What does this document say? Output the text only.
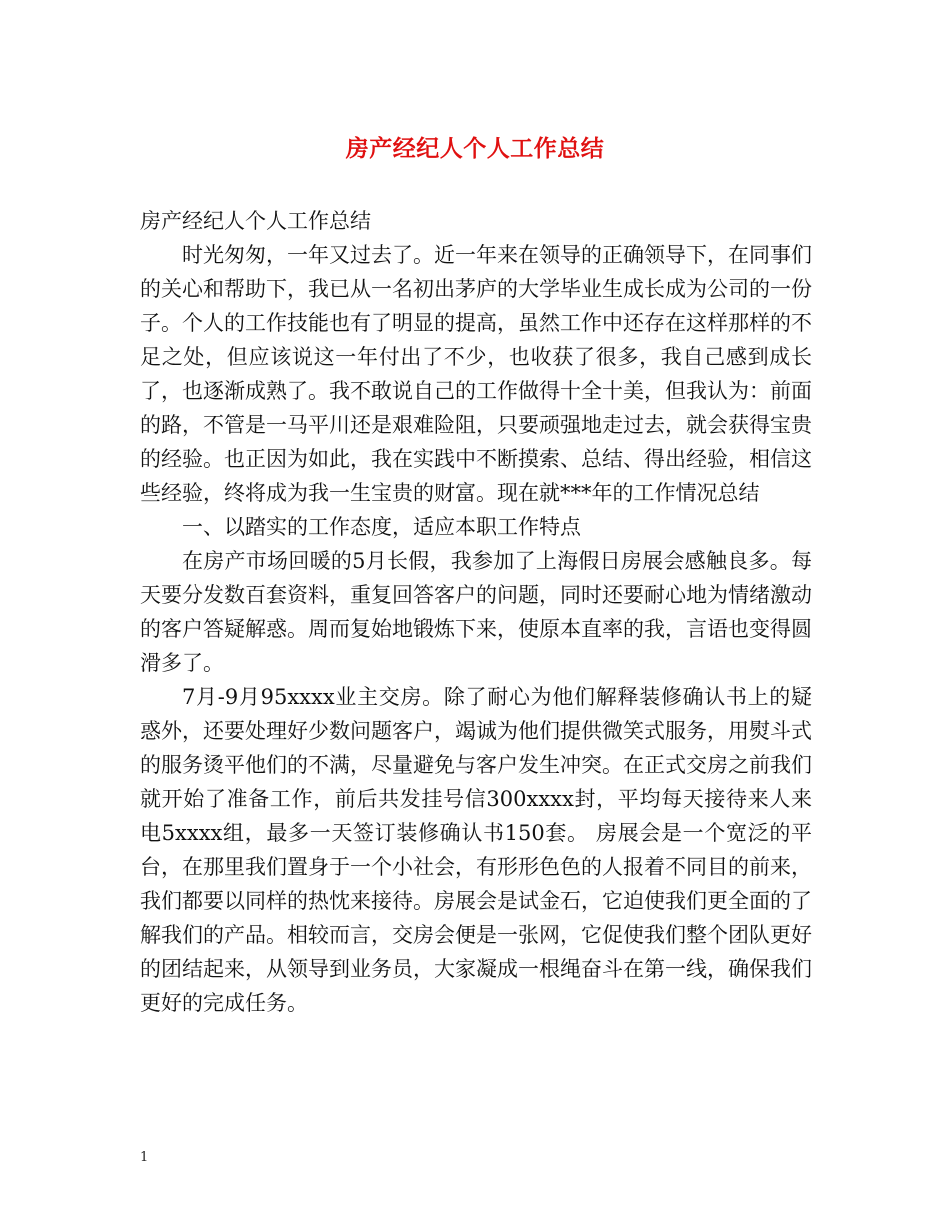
房产经纪人个人工作总结

房产经纪人个人工作总结

时光匆匆，一年又过去了。近一年来在领导的正确领导下，在同事们的关心和帮助下，我已从一名初出茅庐的大学毕业生成长成为公司的一份子。个人的工作技能也有了明显的提高，虽然工作中还存在这样那样的不足之处，但应该说这一年付出了不少，也收获了很多，我自己感到成长了，也逐渐成熟了。我不敢说自己的工作做得十全十美，但我认为：前面的路，不管是一马平川还是艰难险阻，只要顽强地走过去，就会获得宝贵的经验。也正因为如此，我在实践中不断摸索、总结、得出经验，相信这些经验，终将成为我一生宝贵的财富。现在就***年的工作情况总结

一、以踏实的工作态度，适应本职工作特点

在房产市场回暖的5月长假，我参加了上海假日房展会感触良多。每天要分发数百套资料，重复回答客户的问题，同时还要耐心地为情绪激动的客户答疑解惑。周而复始地锻炼下来，使原本直率的我，言语也变得圆滑多了。

7月-9月95xxxx业主交房。除了耐心为他们解释装修确认书上的疑惑外，还要处理好少数问题客户，竭诚为他们提供微笑式服务，用熨斗式的服务烫平他们的不满，尽量避免与客户发生冲突。在正式交房之前我们就开始了准备工作，前后共发挂号信300xxxx封，平均每天接待来人来电5xxxx组，最多一天签订装修确认书150套。 房展会是一个宽泛的平台，在那里我们置身于一个小社会，有形形色色的人报着不同目的前来，我们都要以同样的热忱来接待。房展会是试金石，它迫使我们更全面的了解我们的产品。相较而言，交房会便是一张网，它促使我们整个团队更好的团结起来，从领导到业务员，大家凝成一根绳奋斗在第一线，确保我们更好的完成任务。

1
